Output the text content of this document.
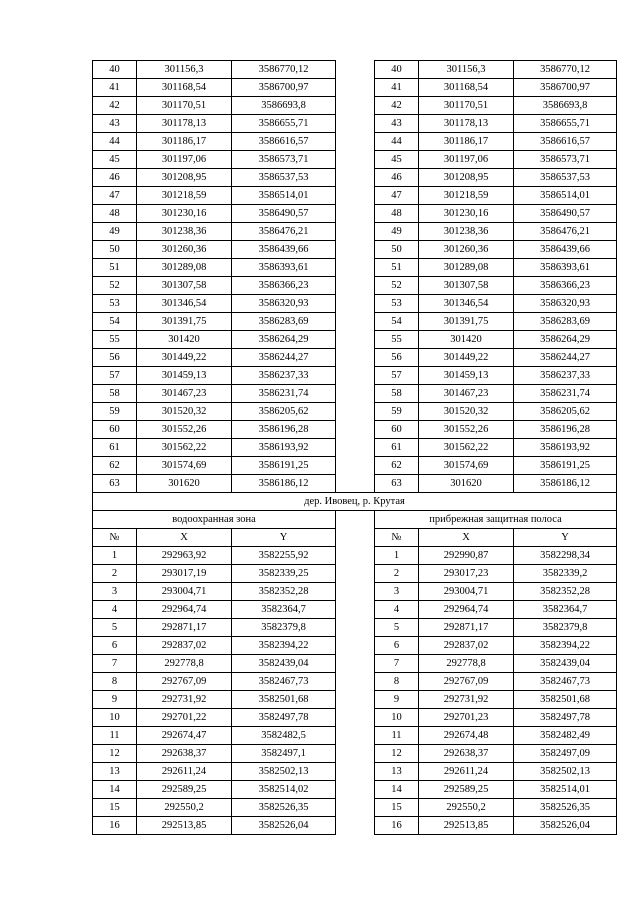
40	301156,3	3586770,12		40	301156,3	3586770,12
41	301168,54	3586700,97		41	301168,54	3586700,97
42	301170,51	3586693,8		42	301170,51	3586693,8
43	301178,13	3586655,71		43	301178,13	3586655,71
44	301186,17	3586616,57		44	301186,17	3586616,57
45	301197,06	3586573,71		45	301197,06	3586573,71
46	301208,95	3586537,53		46	301208,95	3586537,53
47	301218,59	3586514,01		47	301218,59	3586514,01
48	301230,16	3586490,57		48	301230,16	3586490,57
49	301238,36	3586476,21		49	301238,36	3586476,21
50	301260,36	3586439,66		50	301260,36	3586439,66
51	301289,08	3586393,61		51	301289,08	3586393,61
52	301307,58	3586366,23		52	301307,58	3586366,23
53	301346,54	3586320,93		53	301346,54	3586320,93
54	301391,75	3586283,69		54	301391,75	3586283,69
55	301420	3586264,29		55	301420	3586264,29
56	301449,22	3586244,27		56	301449,22	3586244,27
57	301459,13	3586237,33		57	301459,13	3586237,33
58	301467,23	3586231,74		58	301467,23	3586231,74
59	301520,32	3586205,62		59	301520,32	3586205,62
60	301552,26	3586196,28		60	301552,26	3586196,28
61	301562,22	3586193,92		61	301562,22	3586193,92
62	301574,69	3586191,25		62	301574,69	3586191,25
63	301620	3586186,12		63	301620	3586186,12
дер. Ивовец, р. Крутая						
водоохранная зона				прибрежная защитная полоса		
№	X	Y		№	X	Y
1	292963,92	3582255,92		1	292990,87	3582298,34
2	293017,19	3582339,25		2	293017,23	3582339,2
3	293004,71	3582352,28		3	293004,71	3582352,28
4	292964,74	3582364,7		4	292964,74	3582364,7
5	292871,17	3582379,8		5	292871,17	3582379,8
6	292837,02	3582394,22		6	292837,02	3582394,22
7	292778,8	3582439,04		7	292778,8	3582439,04
8	292767,09	3582467,73		8	292767,09	3582467,73
9	292731,92	3582501,68		9	292731,92	3582501,68
10	292701,22	3582497,78		10	292701,23	3582497,78
11	292674,47	3582482,5		11	292674,48	3582482,49
12	292638,37	3582497,1		12	292638,37	3582497,09
13	292611,24	3582502,13		13	292611,24	3582502,13
14	292589,25	3582514,02		14	292589,25	3582514,01
15	292550,2	3582526,35		15	292550,2	3582526,35
16	292513,85	3582526,04		16	292513,85	3582526,04
